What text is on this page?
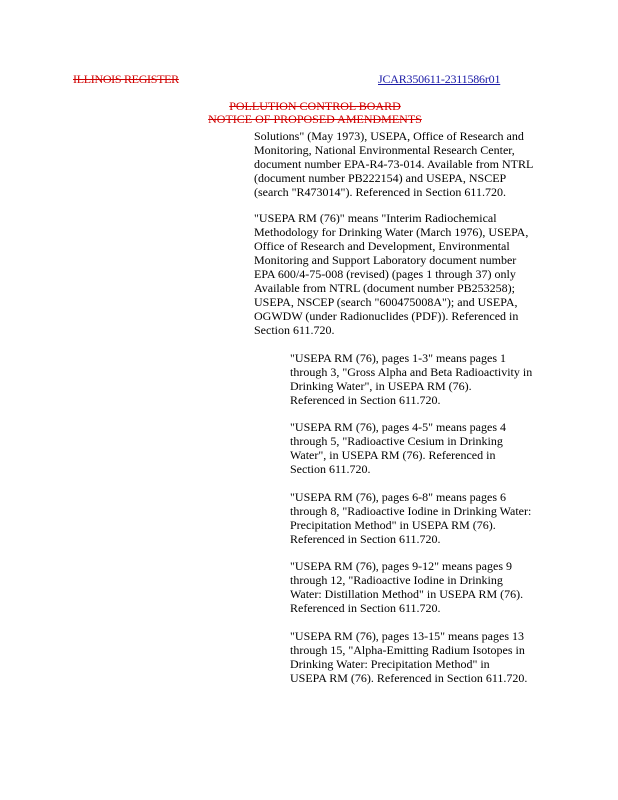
ILLINOIS REGISTER	JCAR350611-2311586r01
POLLUTION CONTROL BOARD
NOTICE OF PROPOSED AMENDMENTS
Solutions" (May 1973), USEPA, Office of Research and
Monitoring, National Environmental Research Center,
document number EPA-R4-73-014. Available from NTRL
(document number PB222154) and USEPA, NSCEP
(search "R473014"). Referenced in Section 611.720.
"USEPA RM (76)" means "Interim Radiochemical
Methodology for Drinking Water (March 1976), USEPA,
Office of Research and Development, Environmental
Monitoring and Support Laboratory document number
EPA 600/4-75-008 (revised) (pages 1 through 37) only
Available from NTRL (document number PB253258);
USEPA, NSCEP (search "600475008A"); and USEPA,
OGWDW (under Radionuclides (PDF)). Referenced in
Section 611.720.
"USEPA RM (76), pages 1-3" means pages 1
through 3, "Gross Alpha and Beta Radioactivity in
Drinking Water", in USEPA RM (76).
Referenced in Section 611.720.
"USEPA RM (76), pages 4-5" means pages 4
through 5, "Radioactive Cesium in Drinking
Water", in USEPA RM (76). Referenced in
Section 611.720.
"USEPA RM (76), pages 6-8" means pages 6
through 8, "Radioactive Iodine in Drinking Water:
Precipitation Method" in USEPA RM (76).
Referenced in Section 611.720.
"USEPA RM (76), pages 9-12" means pages 9
through 12, "Radioactive Iodine in Drinking
Water: Distillation Method" in USEPA RM (76).
Referenced in Section 611.720.
"USEPA RM (76), pages 13-15" means pages 13
through 15, "Alpha-Emitting Radium Isotopes in
Drinking Water: Precipitation Method" in
USEPA RM (76). Referenced in Section 611.720.
